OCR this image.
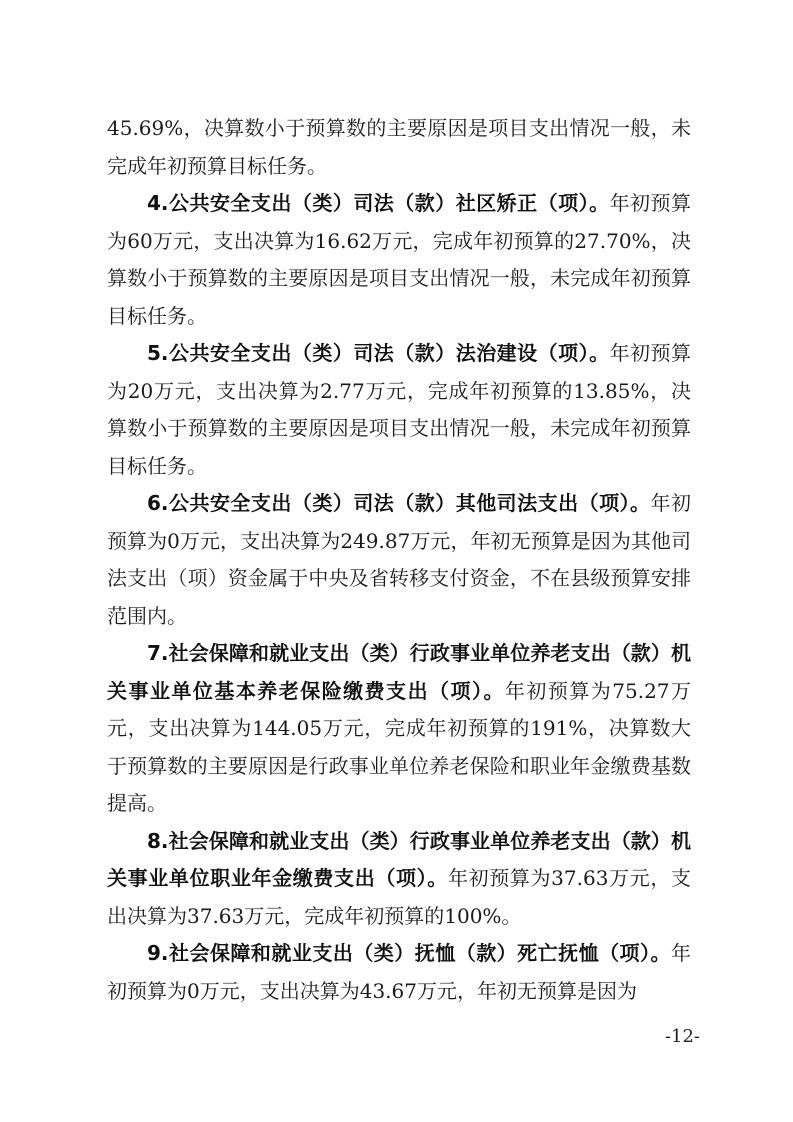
45.69%，决算数小于预算数的主要原因是项目支出情况一般，未完成年初预算目标任务。

4.公共安全支出（类）司法（款）社区矫正（项）。年初预算为60万元，支出决算为16.62万元，完成年初预算的27.70%，决算数小于预算数的主要原因是项目支出情况一般，未完成年初预算目标任务。

5.公共安全支出（类）司法（款）法治建设（项）。年初预算为20万元，支出决算为2.77万元，完成年初预算的13.85%，决算数小于预算数的主要原因是项目支出情况一般，未完成年初预算目标任务。

6.公共安全支出（类）司法（款）其他司法支出（项）。年初预算为0万元，支出决算为249.87万元，年初无预算是因为其他司法支出（项）资金属于中央及省转移支付资金，不在县级预算安排范围内。

7.社会保障和就业支出（类）行政事业单位养老支出（款）机关事业单位基本养老保险缴费支出（项）。年初预算为75.27万元，支出决算为144.05万元，完成年初预算的191%，决算数大于预算数的主要原因是行政事业单位养老保险和职业年金缴费基数提高。

8.社会保障和就业支出（类）行政事业单位养老支出（款）机关事业单位职业年金缴费支出（项）。年初预算为37.63万元，支出决算为37.63万元，完成年初预算的100%。

9.社会保障和就业支出（类）抚恤（款）死亡抚恤（项）。年初预算为0万元，支出决算为43.67万元，年初无预算是因为

-12-
